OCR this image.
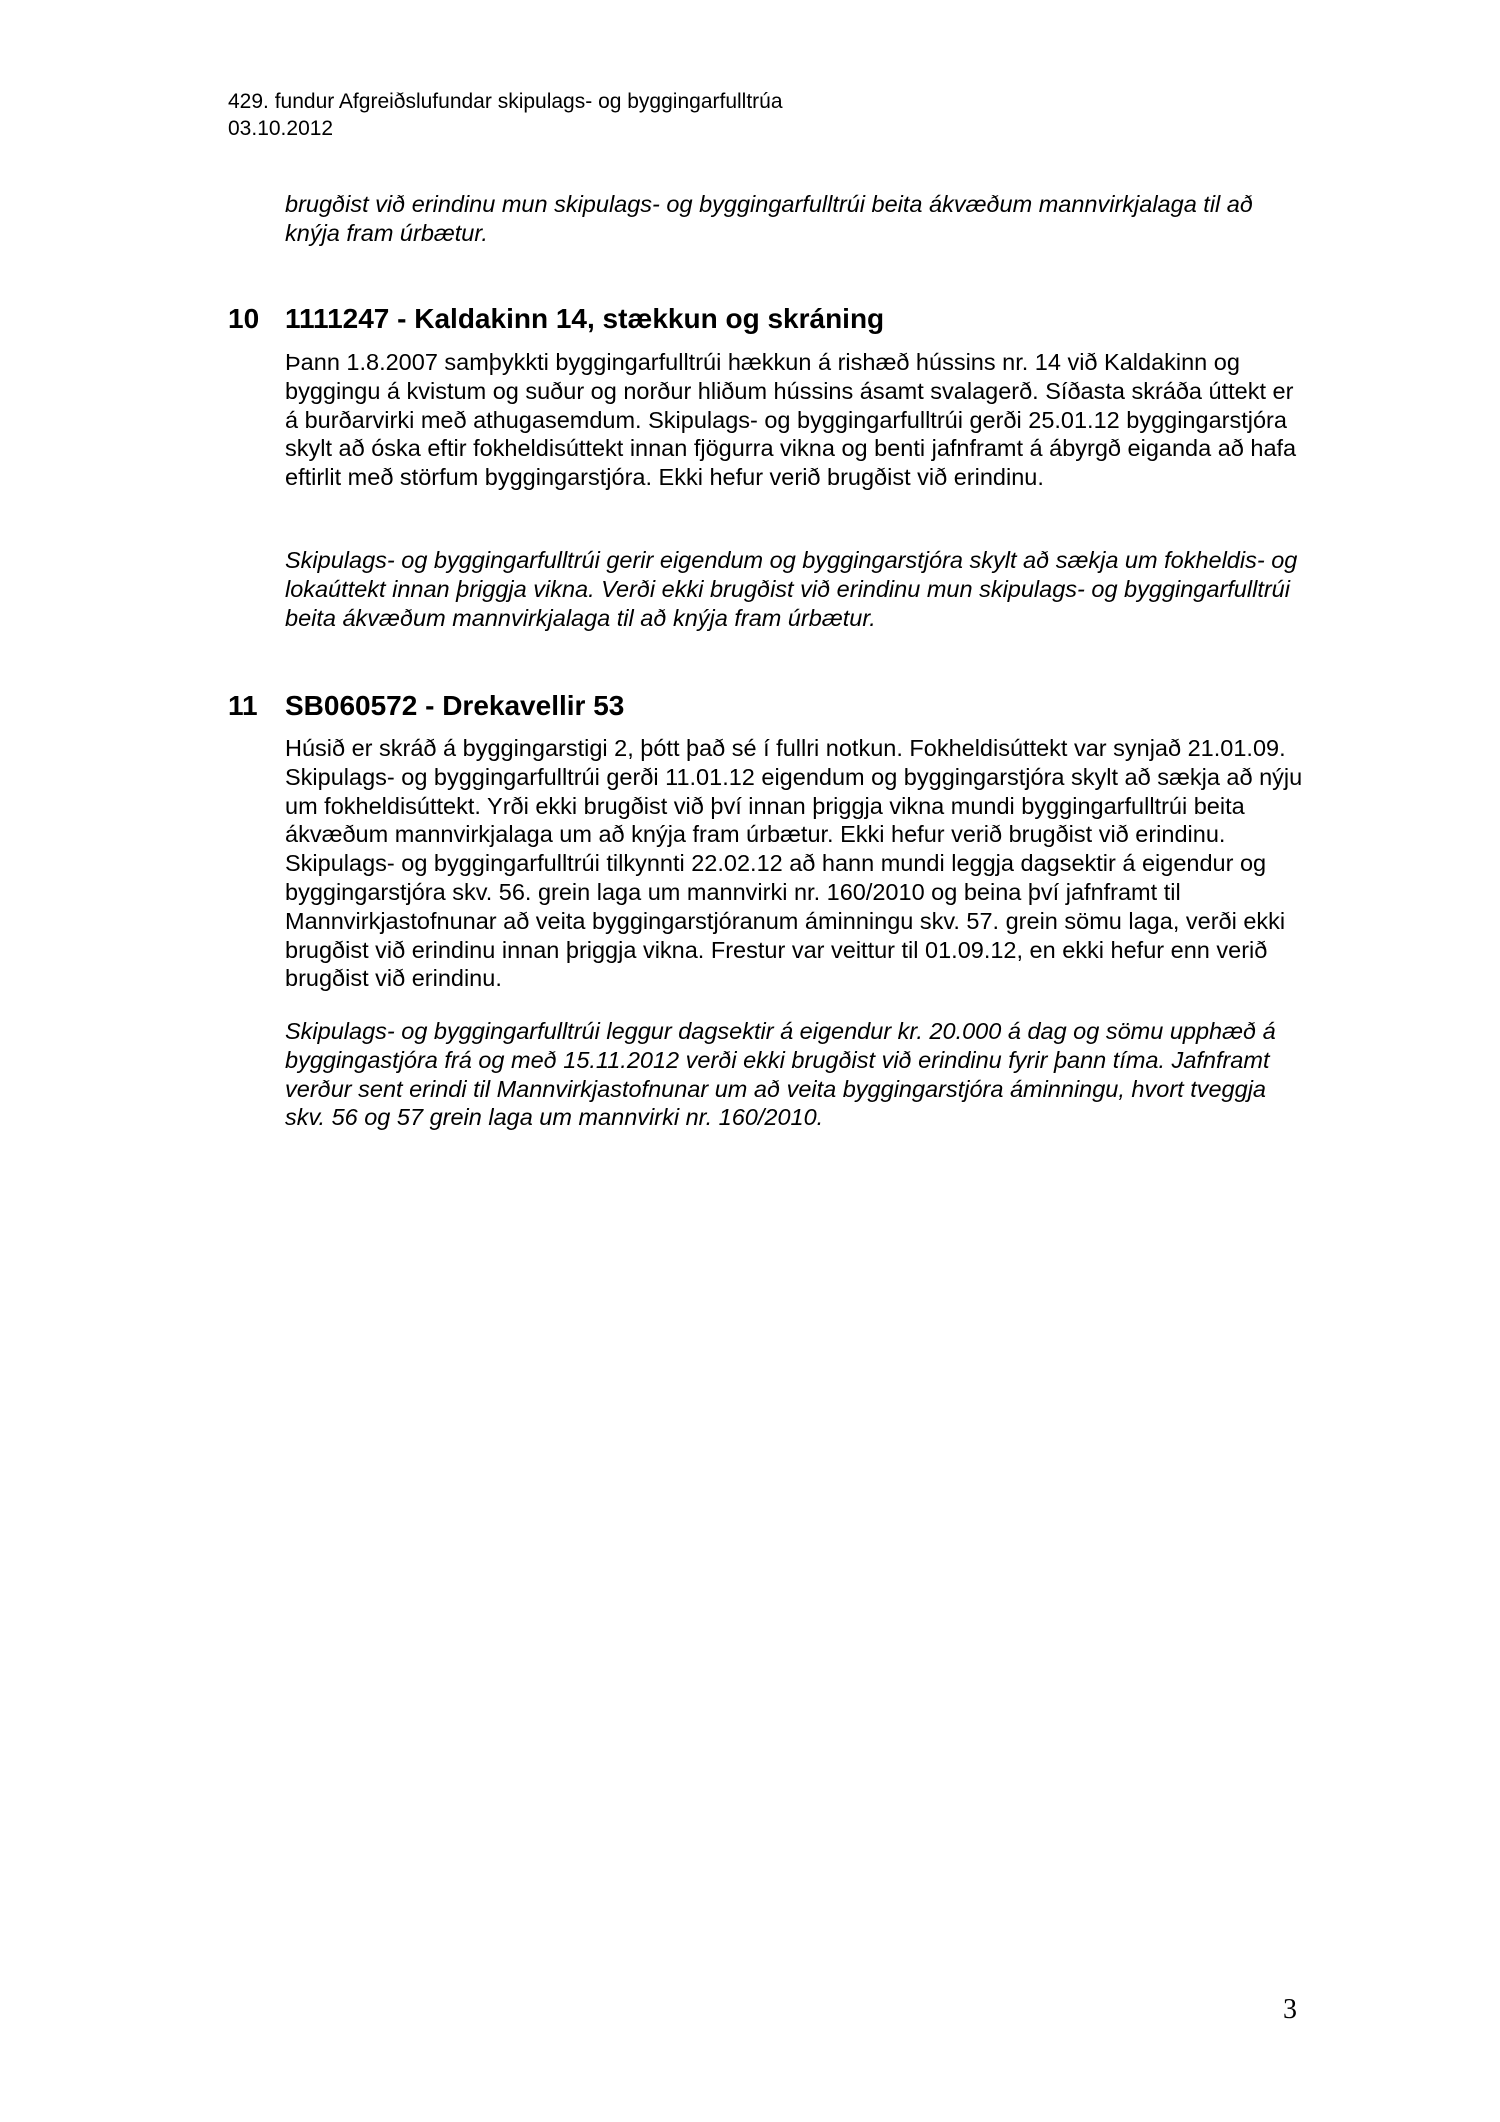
429. fundur Afgreiðslufundar skipulags- og byggingarfulltrúa
03.10.2012

brugðist við erindinu mun skipulags- og byggingarfulltrúi beita ákvæðum mannvirkjalaga til að knýja fram úrbætur.

10 1111247 - Kaldakinn 14, stækkun og skráning

Þann 1.8.2007 samþykkti byggingarfulltrúi hækkun á rishæð hússins nr. 14 við Kaldakinn og byggingu á kvistum og suður og norður hliðum hússins ásamt svalagerð. Síðasta skráða úttekt er á burðarvirki með athugasemdum. Skipulags- og byggingarfulltrúi gerði 25.01.12 byggingarstjóra skylt að óska eftir fokheldisúttekt innan fjögurra vikna og benti jafnframt á ábyrgð eiganda að hafa eftirlit með störfum byggingarstjóra. Ekki hefur verið brugðist við erindinu.

Skipulags- og byggingarfulltrúi gerir eigendum og byggingarstjóra skylt að sækja um fokheldis- og lokaúttekt innan þriggja vikna. Verði ekki brugðist við erindinu mun skipulags- og byggingarfulltrúi beita ákvæðum mannvirkjalaga til að knýja fram úrbætur.

11 SB060572 - Drekavellir 53

Húsið er skráð á byggingarstigi 2, þótt það sé í fullri notkun. Fokheldisúttekt var synjað 21.01.09. Skipulags- og byggingarfulltrúi gerði 11.01.12 eigendum og byggingarstjóra skylt að sækja að nýju um fokheldisúttekt. Yrði ekki brugðist við því innan þriggja vikna mundi byggingarfulltrúi beita ákvæðum mannvirkjalaga um að knýja fram úrbætur. Ekki hefur verið brugðist við erindinu. Skipulags- og byggingarfulltrúi tilkynnti 22.02.12 að hann mundi leggja dagsektir á eigendur og byggingarstjóra skv. 56. grein laga um mannvirki nr. 160/2010 og beina því jafnframt til Mannvirkjastofnunar að veita byggingarstjóranum áminningu skv. 57. grein sömu laga, verði ekki brugðist við erindinu innan þriggja vikna. Frestur var veittur til 01.09.12, en ekki hefur enn verið brugðist við erindinu.

Skipulags- og byggingarfulltrúi leggur dagsektir á eigendur kr. 20.000 á dag og sömu upphæð á byggingastjóra frá og með 15.11.2012 verði ekki brugðist við erindinu fyrir þann tíma. Jafnframt verður sent erindi til Mannvirkjastofnunar um að veita byggingarstjóra áminningu, hvort tveggja skv. 56 og 57 grein laga um mannvirki nr. 160/2010.

3
